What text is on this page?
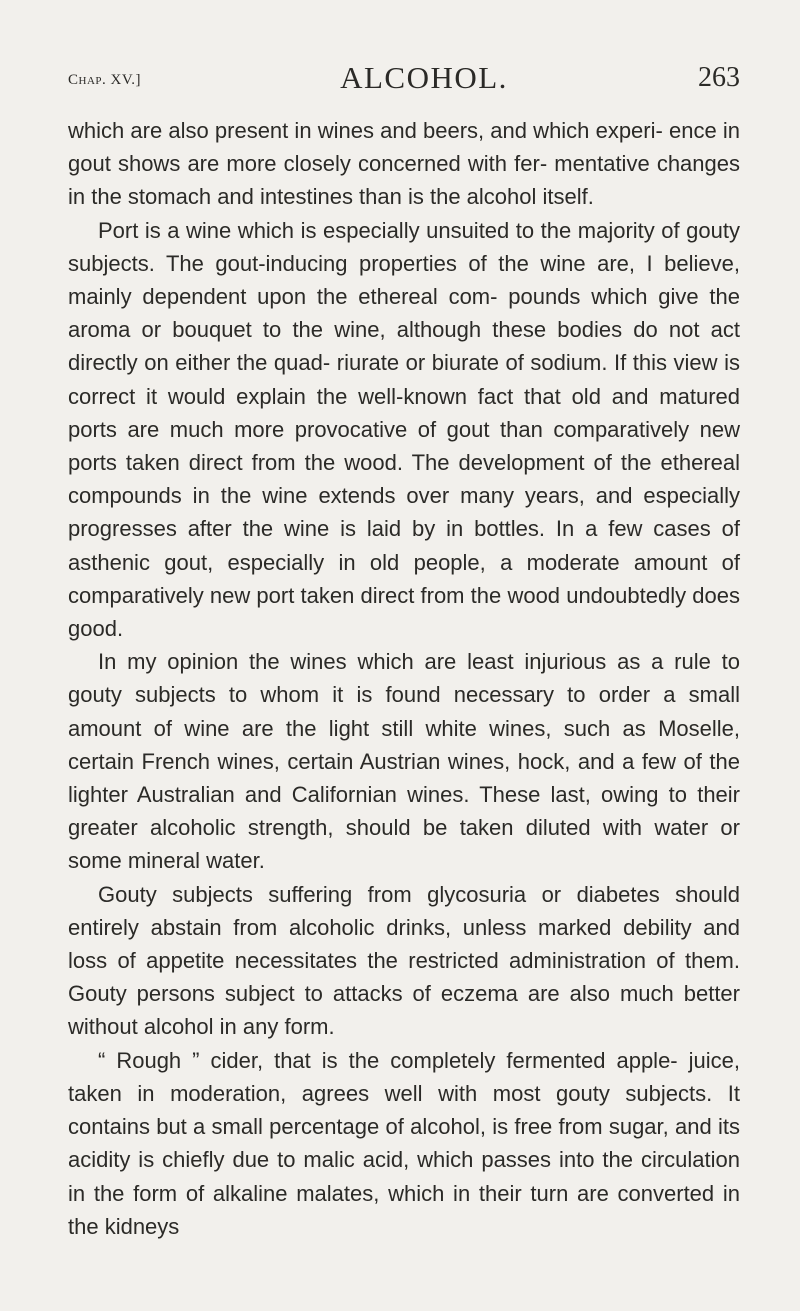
Chap. XV.]	ALCOHOL.	263

which are also present in wines and beers, and which experi- ence in gout shows are more closely concerned with fer- mentative changes in the stomach and intestines than is the alcohol itself.

Port is a wine which is especially unsuited to the majority of gouty subjects. The gout-inducing properties of the wine are, I believe, mainly dependent upon the ethereal com- pounds which give the aroma or bouquet to the wine, although these bodies do not act directly on either the quad- riurate or biurate of sodium. If this view is correct it would explain the well-known fact that old and matured ports are much more provocative of gout than comparatively new ports taken direct from the wood. The development of the ethereal compounds in the wine extends over many years, and especially progresses after the wine is laid by in bottles. In a few cases of asthenic gout, especially in old people, a moderate amount of comparatively new port taken direct from the wood undoubtedly does good.

In my opinion the wines which are least injurious as a rule to gouty subjects to whom it is found necessary to order a small amount of wine are the light still white wines, such as Moselle, certain French wines, certain Austrian wines, hock, and a few of the lighter Australian and Californian wines. These last, owing to their greater alcoholic strength, should be taken diluted with water or some mineral water.

Gouty subjects suffering from glycosuria or diabetes should entirely abstain from alcoholic drinks, unless marked debility and loss of appetite necessitates the restricted administration of them. Gouty persons subject to attacks of eczema are also much better without alcohol in any form.

“ Rough ” cider, that is the completely fermented apple- juice, taken in moderation, agrees well with most gouty subjects. It contains but a small percentage of alcohol, is free from sugar, and its acidity is chiefly due to malic acid, which passes into the circulation in the form of alkaline malates, which in their turn are converted in the kidneys
